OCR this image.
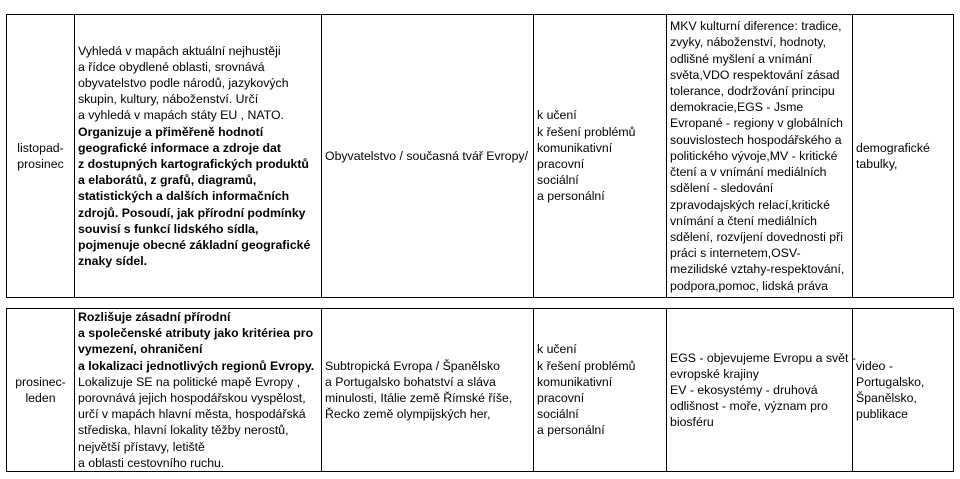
listopad-
prosinec

Vyhledá v mapách aktuální nejhustěji
a řídce obydlené oblasti, srovnává
obyvatelstvo podle národů, jazykových
skupin, kultury, náboženství. Určí
a vyhledá v mapách státy EU , NATO.
Organizuje a přiměřeně hodnotí
geografické informace a zdroje dat
z dostupných kartografických produktů
a elaborátů, z grafů, diagramů,
statistických a dalších informačních
zdrojů. Posoudí, jak přírodní podmínky
souvisí s funkcí lidského sídla,
pojmenuje obecné základní geografické
znaky sídel.

Obyvatelstvo / současná tvář Evropy/

k učení
k řešení problémů
komunikativní
pracovní
sociální
a personální

MKV kulturní diference: tradice,
zvyky, náboženství, hodnoty,
odlišné myšlení a vnímání
světa,VDO respektování zásad
tolerance, dodržování principu
demokracie,EGS - Jsme
Evropané - regiony v globálních
souvislostech hospodářského a
politického vývoje,MV - kritické
čtení a v vnímání mediálních
sdělení - sledování
zpravodajských relací,kritické
vnímání a čtení mediálních
sdělení, rozvíjení dovednosti při
práci s internetem,OSV-
mezilidské vztahy-respektování,
podpora,pomoc, lidská práva

demografické
tabulky,
prosinec-
leden

Rozlišuje zásadní přírodní
a společenské atributy jako kritériea pro
vymezení, ohraničení
a lokalizaci jednotlivých regionů Evropy.
Lokalizuje SE na politické mapě Evropy ,
porovnává jejich hospodářskou vyspělost,
určí v mapách hlavní města, hospodářská
střediska, hlavní lokality těžby nerostů,
největší přístavy, letiště
a oblasti cestovního ruchu.

Subtropická Evropa / Španělsko
a Portugalsko bohatství a sláva
minulosti, Itálie země Římské říše,
Řecko země olympijských her,

k učení
k řešení problémů
komunikativní
pracovní
sociální
a personální

EGS - objevujeme Evropu a svět -
evropské krajiny
EV - ekosystémy - druhová
odlišnost - moře, význam pro
biosféru

video -
Portugalsko,
Španělsko,
publikace
